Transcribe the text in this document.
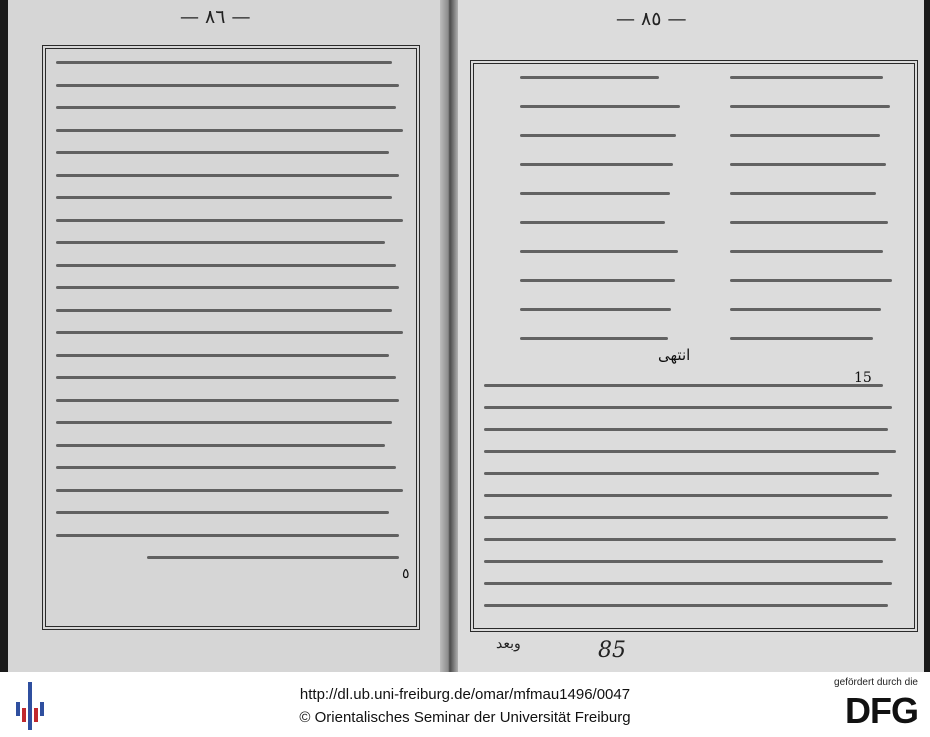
— ٨٦ —	— ٨٥ —
٥
انتهى
15
وبعد	85
http://dl.ub.uni-freiburg.de/omar/mfmau1496/0047
© Orientalisches Seminar der Universität Freiburg
gefördert durch die
DFG
